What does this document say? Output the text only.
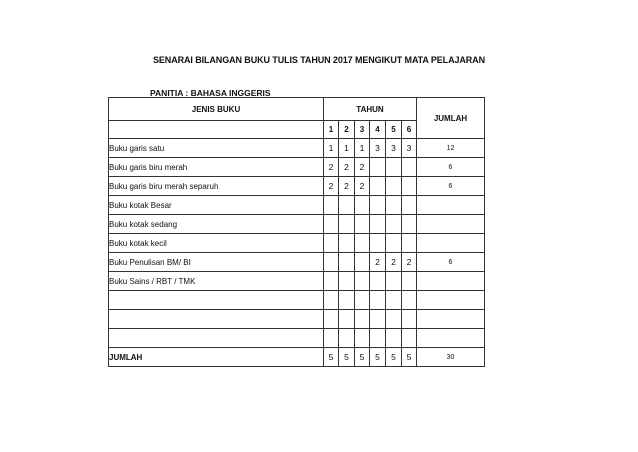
SENARAI BILANGAN BUKU TULIS TAHUN 2017 MENGIKUT MATA PELAJARAN
PANITIA : BAHASA INGGERIS
JENIS BUKU	TAHUN						JUMLAH
	1	2	3	4	5	6	
Buku garis satu	1	1	1	3	3	3	12
Buku garis biru merah	2	2	2				6
Buku garis biru merah separuh	2	2	2				6
Buku kotak Besar							
Buku kotak sedang							
Buku kotak kecil							
Buku Penulisan BM/ BI				2	2	2	6
Buku Sains / RBT / TMK							

JUMLAH	5	5	5	5	5	5	30
